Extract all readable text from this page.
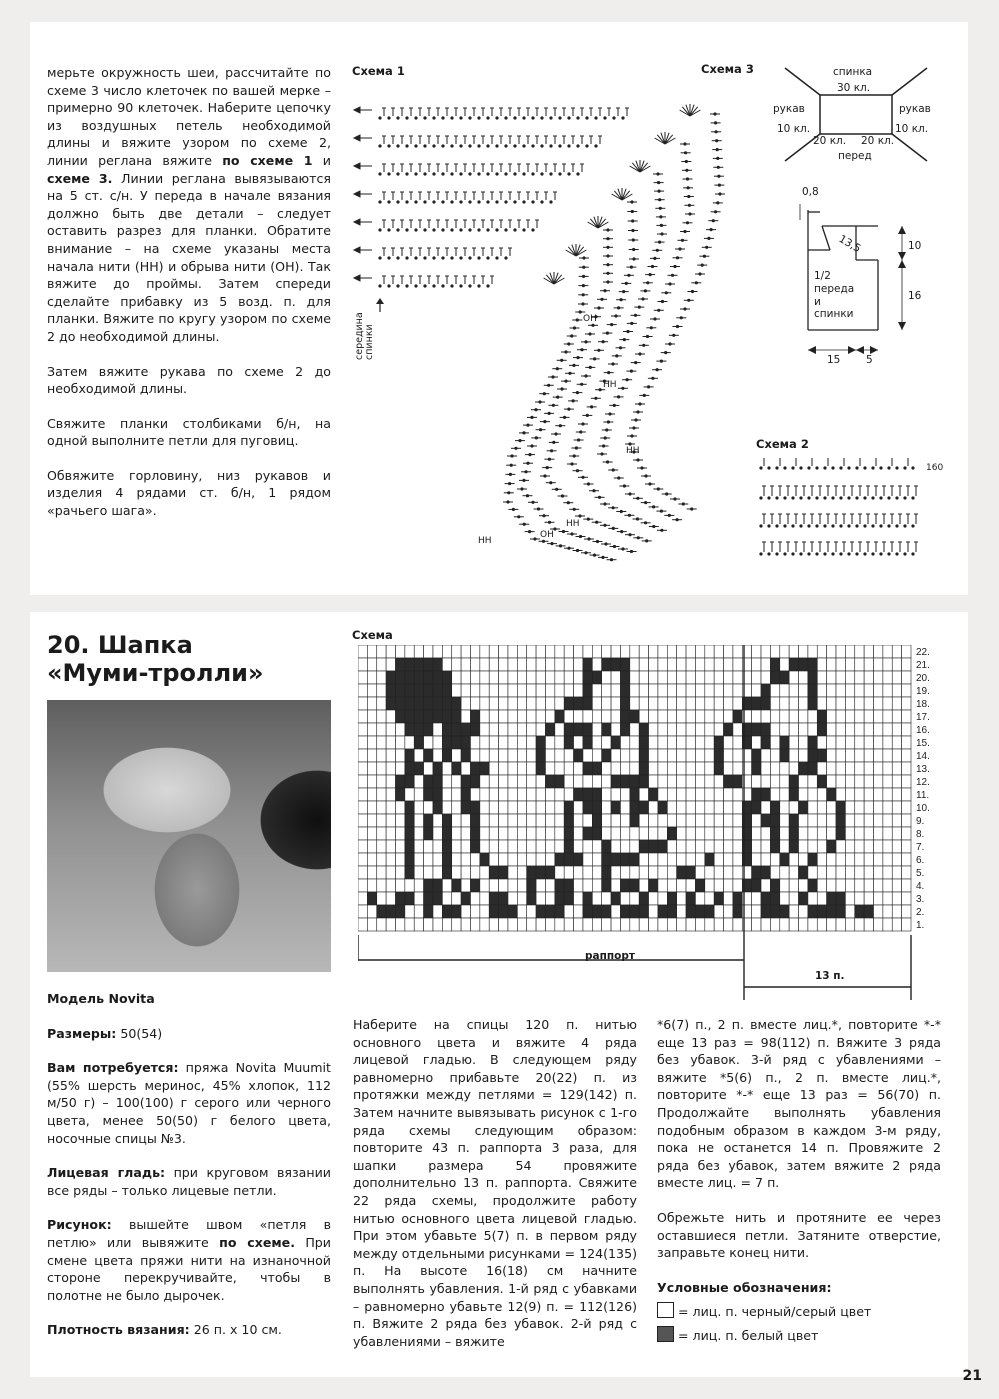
мерьте окружность шеи, рассчитайте по схеме 3 число клеточек по вашей мерке – примерно 90 клеточек. Наберите цепочку из воздушных петель необходимой длины и вяжите узором по схеме 2, линии реглана вяжите по схеме 1 и схеме 3. Линии реглана вывязываются на 5 ст. с/н. У переда в начале вязания должно быть две детали – следует оставить разрез для планки. Обратите внимание – на схеме указаны места начала нити (НН) и обрыва нити (ОН). Так вяжите до проймы. Затем спереди сделайте прибавку из 5 возд. п. для планки. Вяжите по кругу узором по схеме 2 до необходимой длины.

Затем вяжите рукава по схеме 2 до необходимой длины.

Свяжите планки столбиками б/н, на одной выполните петли для пуговиц.

Обвяжите горловину, низ рукавов и изделия 4 рядами ст. б/н, 1 рядом «рачьего шага».

Схема 1
середина спинки
ОН
НН
НН
НН
ОН
НН
Схема 3	спинка
30 кл.
рукав
10 кл.
рукав
10 кл.
20 кл. 20 кл.
перед
0,8
13,5	10
16
1/2
переда
и
спинки
15 5
Схема 2
160
20. Шапка
«Муми-тролли»

Модель Novita

Размеры: 50(54)

Вам потребуется: пряжа Novita Muumit (55% шерсть меринос, 45% хлопок, 112 м/50 г) – 100(100) г серого или черного цвета, менее 50(50) г белого цвета, носочные спицы №3.

Лицевая гладь: при круговом вязании все ряды – только лицевые петли.

Рисунок: вышейте швом «петля в петлю» или вывяжите по схеме. При смене цвета пряжи нити на изнаночной стороне перекручивайте, чтобы в полотне не было дырочек.

Плотность вязания: 26 п. х 10 см.

Наберите на спицы 120 п. нитью основного цвета и вяжите 4 ряда лицевой гладью. В следующем ряду равномерно прибавьте 20(22) п. из протяжки между петлями = 129(142) п. Затем начните вывязывать рисунок с 1-го ряда схемы следующим образом: повторите 43 п. раппорта 3 раза, для шапки размера 54 провяжите дополнительно 13 п. раппорта. Свяжите 22 ряда схемы, продолжите работу нитью основного цвета лицевой гладью. При этом убавьте 5(7) п. в первом ряду между отдельными рисунками = 124(135) п. На высоте 16(18) см начните выполнять убавления. 1-й ряд с убавками – равномерно убавьте 12(9) п. = 112(126) п. Вяжите 2 ряда без убавок. 2-й ряд с убавлениями – вяжите

*6(7) п., 2 п. вместе лиц.*, повторите *-* еще 13 раз = 98(112) п. Вяжите 3 ряда без убавок. 3-й ряд с убавлениями – вяжите *5(6) п., 2 п. вместе лиц.*, повторите *-* еще 13 раз = 56(70) п. Продолжайте выполнять убавления подобным образом в каждом 3-м ряду, пока не останется 14 п. Провяжите 2 ряда без убавок, затем вяжите 2 ряда вместе лиц. = 7 п.

Обрежьте нить и протяните ее через оставшиеся петли. Затяните отверстие, заправьте конец нити.

Условные обозначения:

= лиц. п. черный/серый цвет
= лиц. п. белый цвет
Схема
22.
21.
20.
19.
18.
17.
16.
15.
14.
13.
12.
11.
10.
9.
8.
7.
6.
5.
4.
3.
2.
1.
раппорт
13 п.
21
